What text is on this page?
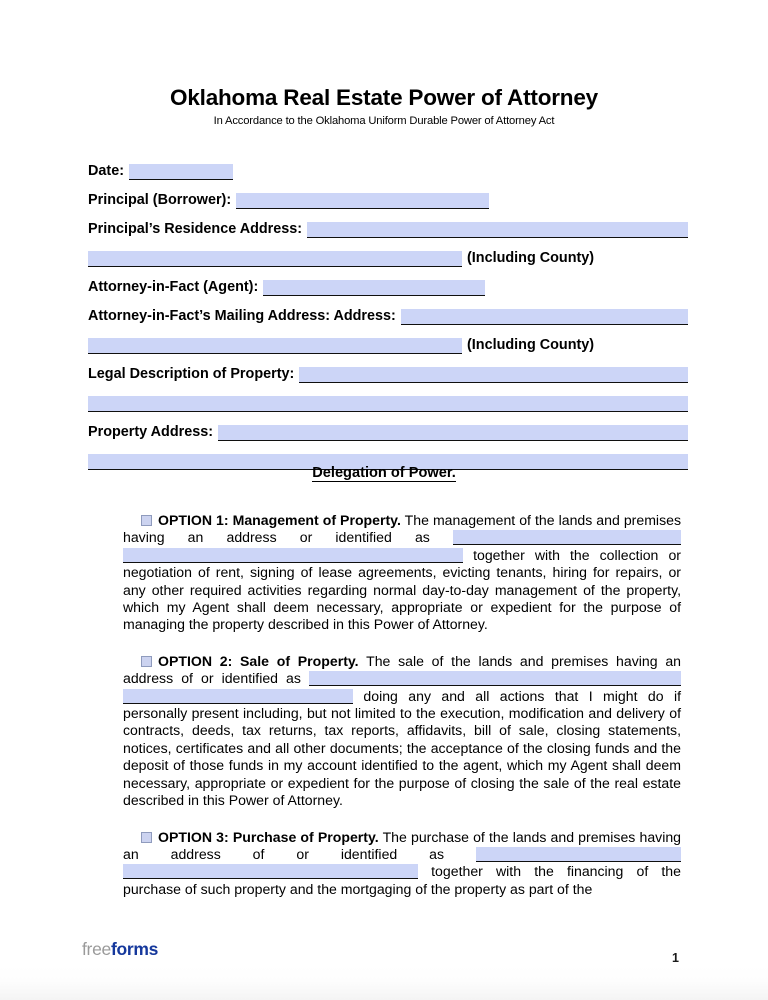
Oklahoma Real Estate Power of Attorney
In Accordance to the Oklahoma Uniform Durable Power of Attorney Act
Date:
Principal (Borrower):
Principal’s Residence Address:
(Including County)
Attorney-in-Fact (Agent):
Attorney-in-Fact’s Mailing Address: Address:
(Including County)
Legal Description of Property:
Property Address:
Delegation of Power.

OPTION 1: Management of Property. The management of the lands and premises having an address or identified as  together with the collection or negotiation of rent, signing of lease agreements, evicting tenants, hiring for repairs, or any other required activities regarding normal day-to-day management of the property, which my Agent shall deem necessary, appropriate or expedient for the purpose of managing the property described in this Power of Attorney.

OPTION 2: Sale of Property. The sale of the lands and premises having an address of or identified as  doing any and all actions that I might do if personally present including, but not limited to the execution, modification and delivery of contracts, deeds, tax returns, tax reports, affidavits, bill of sale, closing statements, notices, certificates and all other documents; the acceptance of the closing funds and the deposit of those funds in my account identified to the agent, which my Agent shall deem necessary, appropriate or expedient for the purpose of closing the sale of the real estate described in this Power of Attorney.

OPTION 3: Purchase of Property. The purchase of the lands and premises having an address of or identified as  together with the financing of the purchase of such property and the mortgaging of the property as part of the

freeforms	1
